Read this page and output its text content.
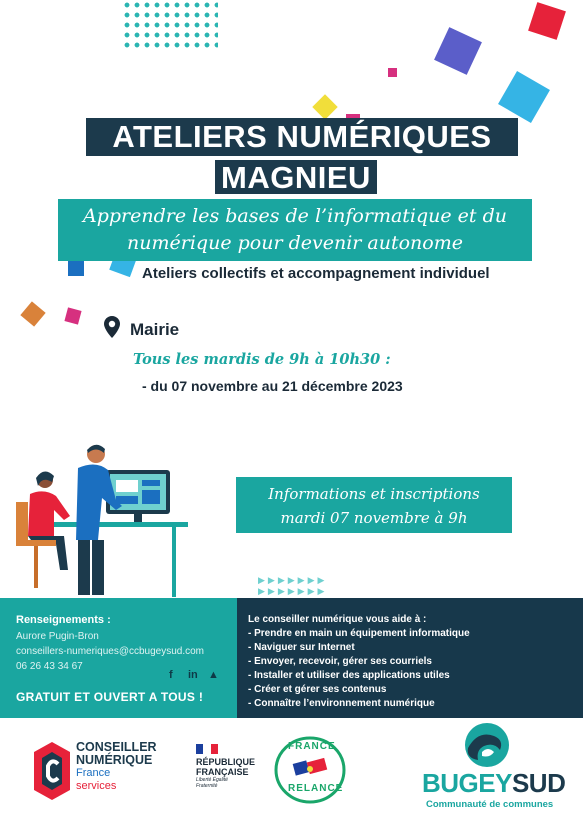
ATELIERS NUMÉRIQUES
MAGNIEU
Apprendre les bases de l’informatique et du numérique pour devenir autonome
Ateliers collectifs et accompagnement individuel
Mairie
Tous les mardis de 9h à 10h30 :
- du 07 novembre au 21 décembre 2023
Informations et inscriptions
mardi 07 novembre à 9h
▶▶▶▶▶▶▶
▶▶▶▶▶▶▶

Renseignements :
Aurore Pugin-Bron
conseillers-numeriques@ccbugeysud.com
06 26 43 34 67
f in ▲
GRATUIT ET OUVERT A TOUS !
Le conseiller numérique vous aide à :
- Prendre en main un équipement informatique
- Naviguer sur Internet
- Envoyer, recevoir, gérer ses courriels
- Installer et utiliser des applications utiles
- Créer et gérer ses contenus
- Connaître l’environnement numérique
CONSEILLER
NUMÉRIQUE
France
services
RÉPUBLIQUE
FRANÇAISE
Liberté Égalité Fraternité
FRANCE
RELANCE	BUGEYSUD
Communauté de communes
